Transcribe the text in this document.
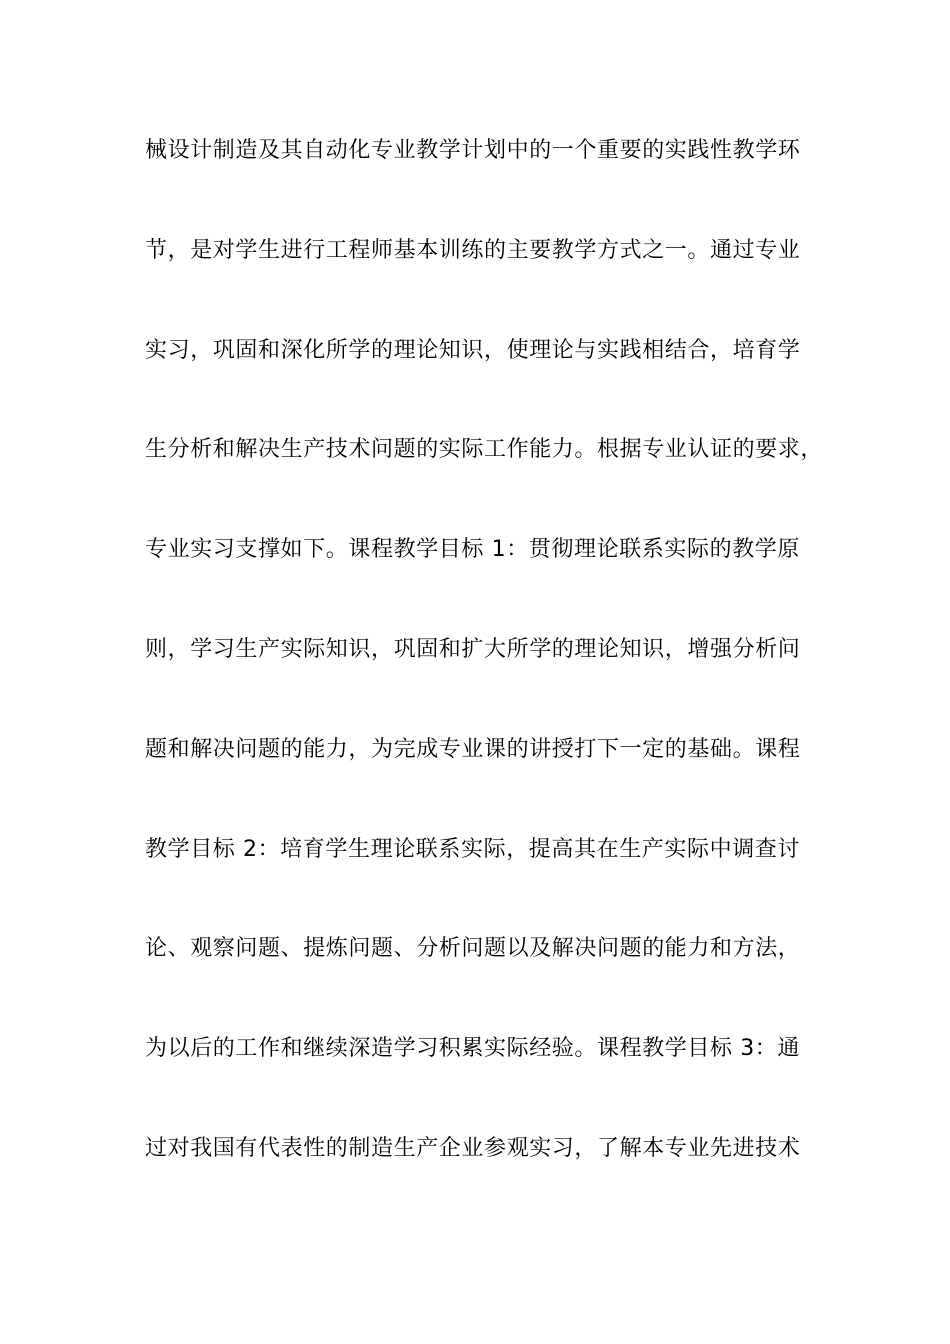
械设计制造及其自动化专业教学计划中的一个重要的实践性教学环
节，是对学生进行工程师基本训练的主要教学方式之一。通过专业
实习，巩固和深化所学的理论知识，使理论与实践相结合，培育学
生分析和解决生产技术问题的实际工作能力。根据专业认证的要求，
专业实习支撑如下。课程教学目标 1：贯彻理论联系实际的教学原
则，学习生产实际知识，巩固和扩大所学的理论知识，增强分析问
题和解决问题的能力，为完成专业课的讲授打下一定的基础。课程
教学目标 2：培育学生理论联系实际，提高其在生产实际中调查讨
论、观察问题、提炼问题、分析问题以及解决问题的能力和方法，
为以后的工作和继续深造学习积累实际经验。课程教学目标 3：通
过对我国有代表性的制造生产企业参观实习，了解本专业先进技术
